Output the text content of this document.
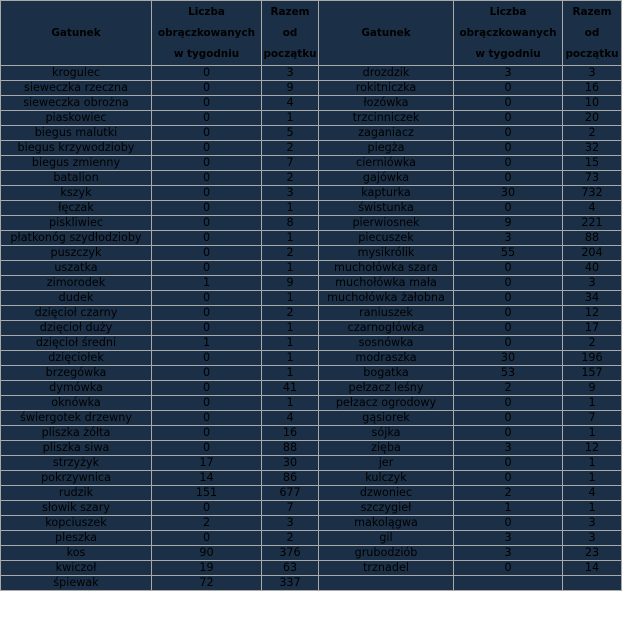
Gatunek	Liczba
obrączkowanych
w tygodniu	Razem
od
początku	Gatunek	Liczba
obrączkowanych
w tygodniu	Razem
od
początku
krogulec	0	3	drozdzik	3	3
sieweczka rzeczna	0	9	rokitniczka	0	16
sieweczka obrożna	0	4	łozówka	0	10
piaskowiec	0	1	trzcinniczek	0	20
biegus malutki	0	5	zaganiacz	0	2
biegus krzywodzioby	0	2	piegża	0	32
biegus zmienny	0	7	cierniówka	0	15
batalion	0	2	gajówka	0	73
kszyk	0	3	kapturka	30	732
łęczak	0	1	świstunka	0	4
piskliwiec	0	8	pierwiosnek	9	221
płatkonóg szydłodzioby	0	1	piecuszek	3	88
puszczyk	0	2	mysikrólik	55	204
uszatka	0	1	muchołówka szara	0	40
zimorodek	1	9	muchołówka mała	0	3
dudek	0	1	muchołówka żałobna	0	34
dzięcioł czarny	0	2	raniuszek	0	12
dzięcioł duży	0	1	czarnogłówka	0	17
dzięcioł średni	1	1	sosnówka	0	2
dzięciołek	0	1	modraszka	30	196
brzegówka	0	1	bogatka	53	157
dymówka	0	41	pełzacz leśny	2	9
oknówka	0	1	pełzacz ogrodowy	0	1
świergotek drzewny	0	4	gąsiorek	0	7
pliszka żółta	0	16	sójka	0	1
pliszka siwa	0	88	zięba	3	12
strzyżyk	17	30	jer	0	1
pokrzywnica	14	86	kulczyk	0	1
rudzik	151	677	dzwoniec	2	4
słowik szary	0	7	szczygieł	1	1
kopciuszek	2	3	makolągwa	0	3
pleszka	0	2	gil	3	3
kos	90	376	grubodziób	3	23
kwiczoł	19	63	trznadel	0	14
śpiewak	72	337			
